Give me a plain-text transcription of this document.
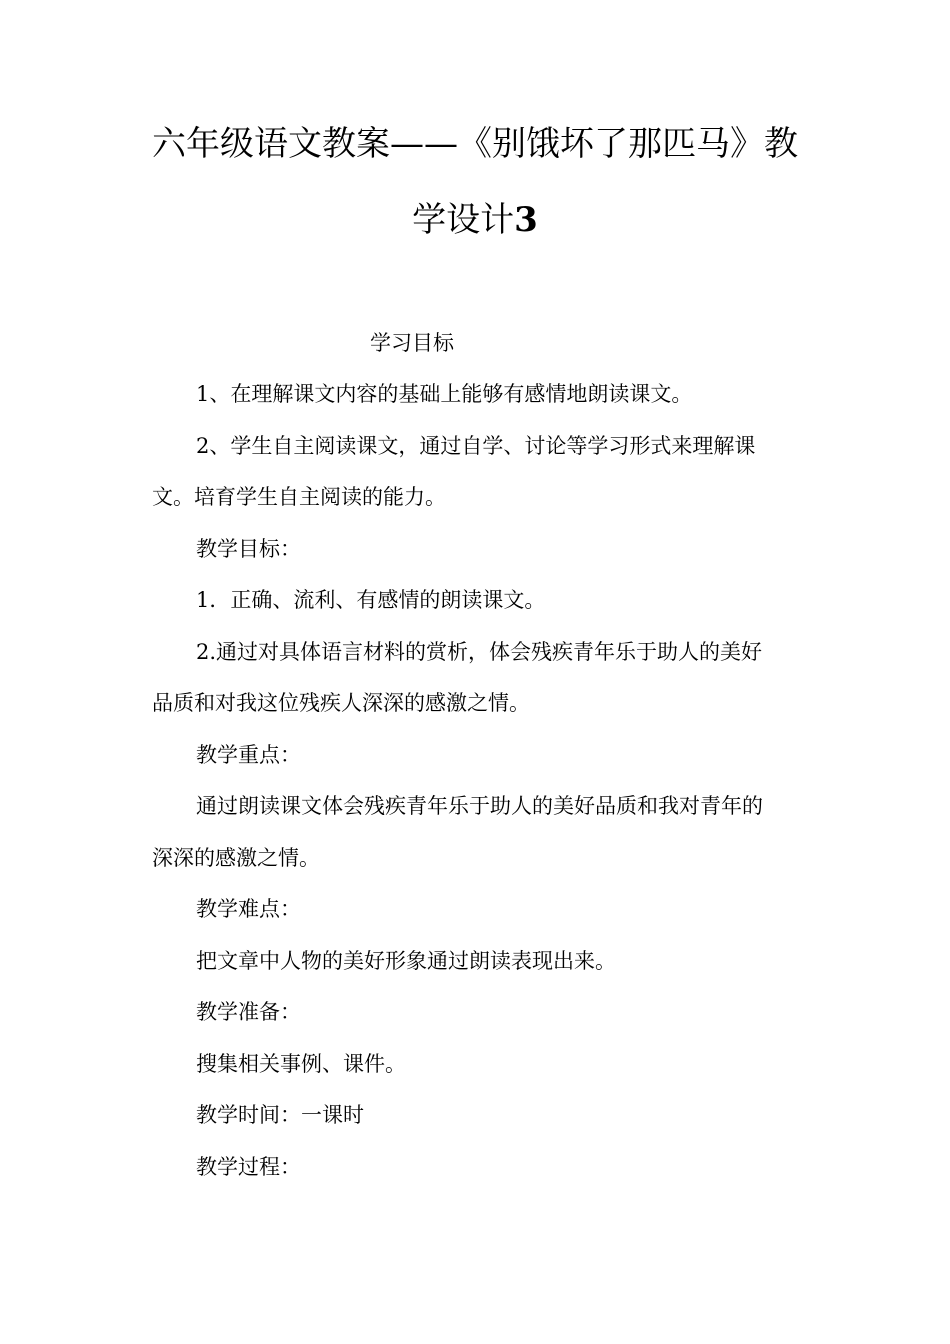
六年级语文教案——《别饿坏了那匹马》教
学设计3
学习目标
1、在理解课文内容的基础上能够有感情地朗读课文。
2、学生自主阅读课文，通过自学、讨论等学习形式来理解课
文。培育学生自主阅读的能力。
教学目标：
1．正确、流利、有感情的朗读课文。
2.通过对具体语言材料的赏析，体会残疾青年乐于助人的美好
品质和对我这位残疾人深深的感激之情。
教学重点：
通过朗读课文体会残疾青年乐于助人的美好品质和我对青年的
深深的感激之情。
教学难点：
把文章中人物的美好形象通过朗读表现出来。
教学准备：
搜集相关事例、课件。
教学时间：一课时
教学过程：
